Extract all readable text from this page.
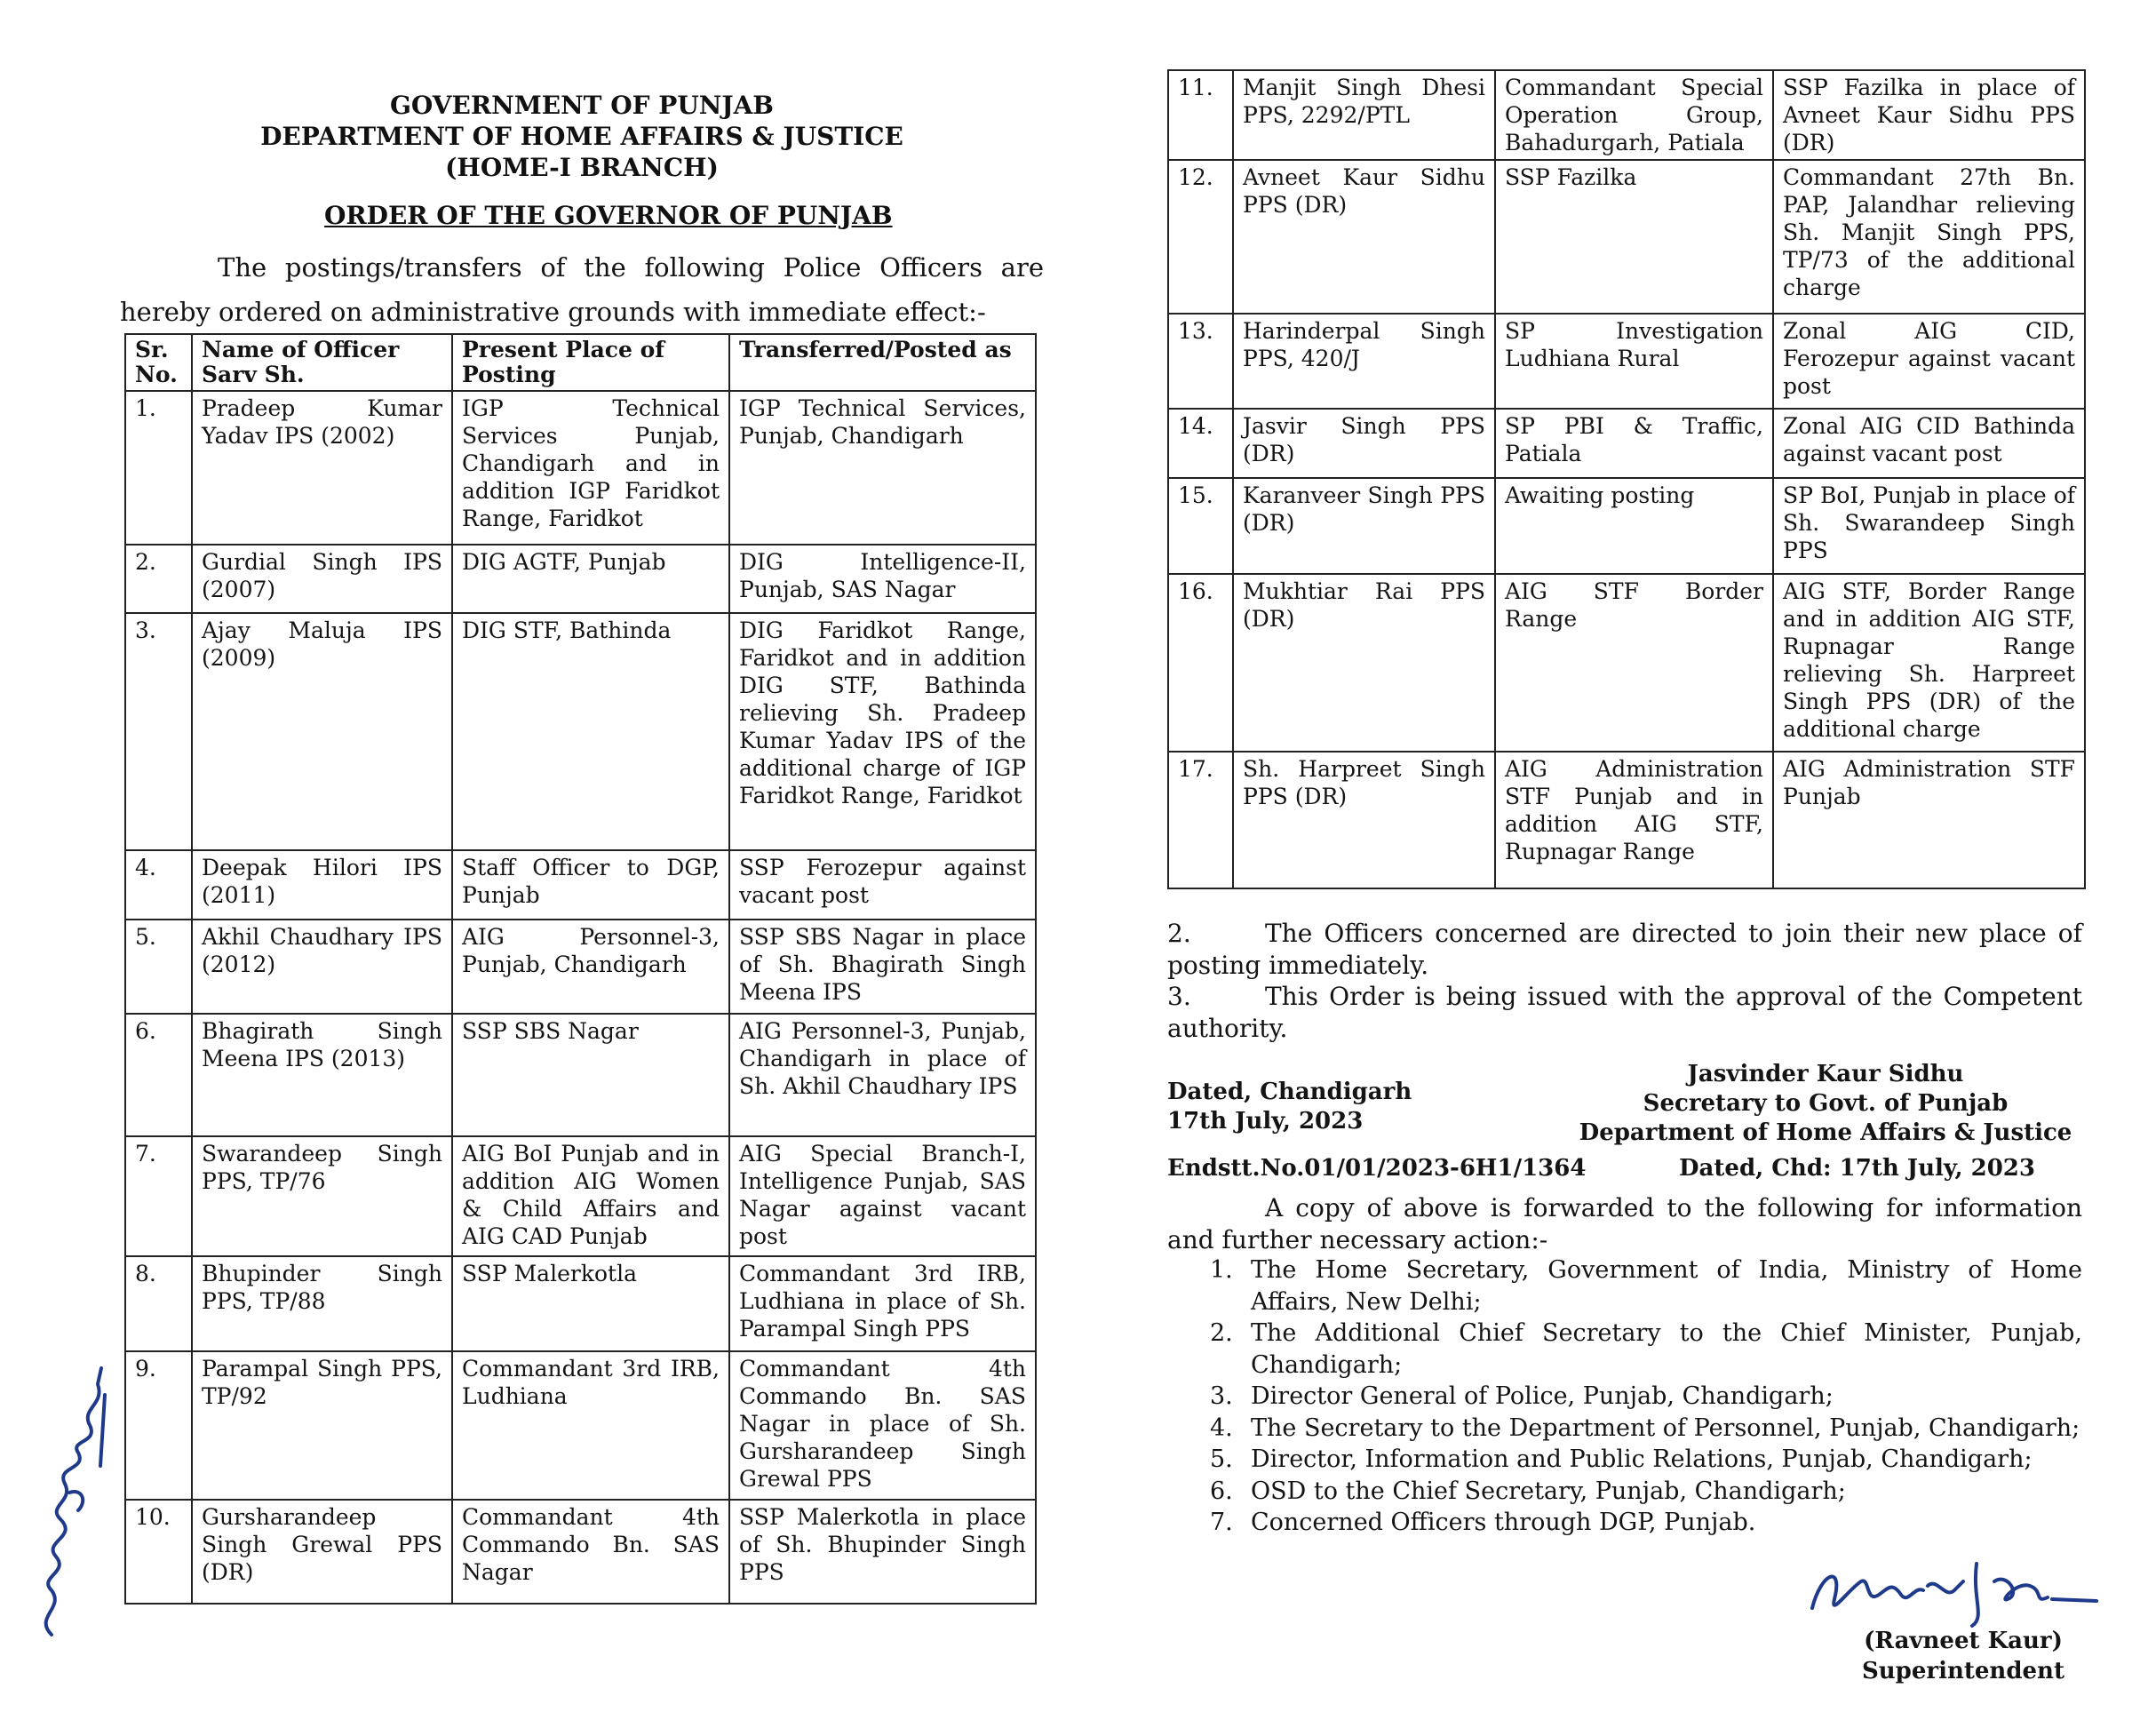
GOVERNMENT OF PUNJAB
DEPARTMENT OF HOME AFFAIRS & JUSTICE
(HOME-I BRANCH)
ORDER OF THE GOVERNOR OF PUNJAB
The postings/transfers of the following Police Officers are hereby ordered on administrative grounds with immediate effect:-
Sr. No.	Name of Officer Sarv Sh.	Present Place of Posting	Transferred/Posted as
1.	Pradeep Kumar Yadav IPS (2002)	IGP Technical Services Punjab, Chandigarh and in addition IGP Faridkot Range, Faridkot	IGP Technical Services, Punjab, Chandigarh
2.	Gurdial Singh IPS (2007)	DIG AGTF, Punjab	DIG Intelligence-II, Punjab, SAS Nagar
3.	Ajay Maluja IPS (2009)	DIG STF, Bathinda	DIG Faridkot Range, Faridkot and in addition DIG STF, Bathinda relieving Sh. Pradeep Kumar Yadav IPS of the additional charge of IGP Faridkot Range, Faridkot
4.	Deepak Hilori IPS (2011)	Staff Officer to DGP, Punjab	SSP Ferozepur against vacant post
5.	Akhil Chaudhary IPS (2012)	AIG Personnel-3, Punjab, Chandigarh	SSP SBS Nagar in place of Sh. Bhagirath Singh Meena IPS
6.	Bhagirath Singh Meena IPS (2013)	SSP SBS Nagar	AIG Personnel-3, Punjab, Chandigarh in place of Sh. Akhil Chaudhary IPS
7.	Swarandeep Singh PPS, TP/76	AIG BoI Punjab and in addition AIG Women & Child Affairs and AIG CAD Punjab	AIG Special Branch-I, Intelligence Punjab, SAS Nagar against vacant post
8.	Bhupinder Singh PPS, TP/88	SSP Malerkotla	Commandant 3rd IRB, Ludhiana in place of Sh. Parampal Singh PPS
9.	Parampal Singh PPS, TP/92	Commandant 3rd IRB, Ludhiana	Commandant 4th Commando Bn. SAS Nagar in place of Sh. Gursharandeep Singh Grewal PPS
10.	Gursharandeep Singh Grewal PPS (DR)	Commandant 4th Commando Bn. SAS Nagar	SSP Malerkotla in place of Sh. Bhupinder Singh PPS
11.	Manjit Singh Dhesi PPS, 2292/PTL	Commandant Special Operation Group, Bahadurgarh, Patiala	SSP Fazilka in place of Avneet Kaur Sidhu PPS (DR)
12.	Avneet Kaur Sidhu PPS (DR)	SSP Fazilka	Commandant 27th Bn. PAP, Jalandhar relieving Sh. Manjit Singh PPS, TP/73 of the additional charge
13.	Harinderpal Singh PPS, 420/J	SP Investigation Ludhiana Rural	Zonal AIG CID, Ferozepur against vacant post
14.	Jasvir Singh PPS (DR)	SP PBI & Traffic, Patiala	Zonal AIG CID Bathinda against vacant post
15.	Karanveer Singh PPS (DR)	Awaiting posting	SP BoI, Punjab in place of Sh. Swarandeep Singh PPS
16.	Mukhtiar Rai PPS (DR)	AIG STF Border Range	AIG STF, Border Range and in addition AIG STF, Rupnagar Range relieving Sh. Harpreet Singh PPS (DR) of the additional charge
17.	Sh. Harpreet Singh PPS (DR)	AIG Administration STF Punjab and in addition AIG STF, Rupnagar Range	AIG Administration STF Punjab
2.	The Officers concerned are directed to join their new place of posting immediately.
3.	This Order is being issued with the approval of the Competent authority.
Jasvinder Kaur Sidhu
Secretary to Govt. of Punjab
Department of Home Affairs & Justice
Dated, Chandigarh
17th July, 2023
Endstt.No.01/01/2023-6H1/1364	Dated, Chd: 17th July, 2023
A copy of above is forwarded to the following for information and further necessary action:-
1. The Home Secretary, Government of India, Ministry of Home Affairs, New Delhi;
2. The Additional Chief Secretary to the Chief Minister, Punjab, Chandigarh;
3. Director General of Police, Punjab, Chandigarh;
4. The Secretary to the Department of Personnel, Punjab, Chandigarh;
5. Director, Information and Public Relations, Punjab, Chandigarh;
6. OSD to the Chief Secretary, Punjab, Chandigarh;
7. Concerned Officers through DGP, Punjab.
(Ravneet Kaur)
Superintendent
